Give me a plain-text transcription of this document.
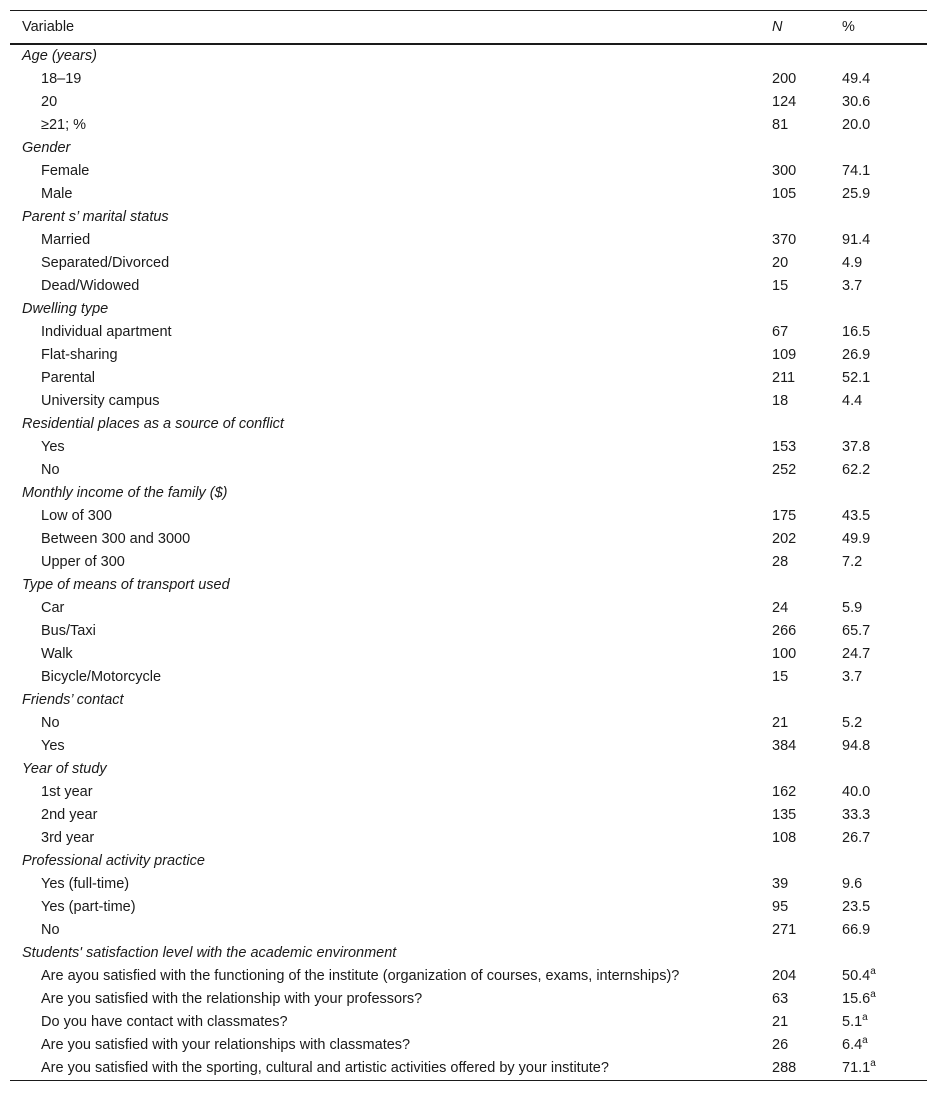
Variable	N	%
Age (years)		
18–19	200	49.4
20	124	30.6
≥21; %	81	20.0
Gender		
Female	300	74.1
Male	105	25.9
Parent s’ marital status		
Married	370	91.4
Separated/Divorced	20	4.9
Dead/Widowed	15	3.7
Dwelling type		
Individual apartment	67	16.5
Flat-sharing	109	26.9
Parental	211	52.1
University campus	18	4.4
Residential places as a source of conflict		
Yes	153	37.8
No	252	62.2
Monthly income of the family ($)		
Low of 300	175	43.5
Between 300 and 3000	202	49.9
Upper of 300	28	7.2
Type of means of transport used		
Car	24	5.9
Bus/Taxi	266	65.7
Walk	100	24.7
Bicycle/Motorcycle	15	3.7
Friends’ contact		
No	21	5.2
Yes	384	94.8
Year of study		
1st year	162	40.0
2nd year	135	33.3
3rd year	108	26.7
Professional activity practice		
Yes (full-time)	39	9.6
Yes (part-time)	95	23.5
No	271	66.9
Students' satisfaction level with the academic environment		
Are ayou satisfied with the functioning of the institute (organization of courses, exams, internships)?	204	50.4$^a$
Are you satisfied with the relationship with your professors?	63	15.6$^a$
Do you have contact with classmates?	21	5.1$^a$
Are you satisfied with your relationships with classmates?	26	6.4$^a$
Are you satisfied with the sporting, cultural and artistic activities offered by your institute?	288	71.1$^a$
